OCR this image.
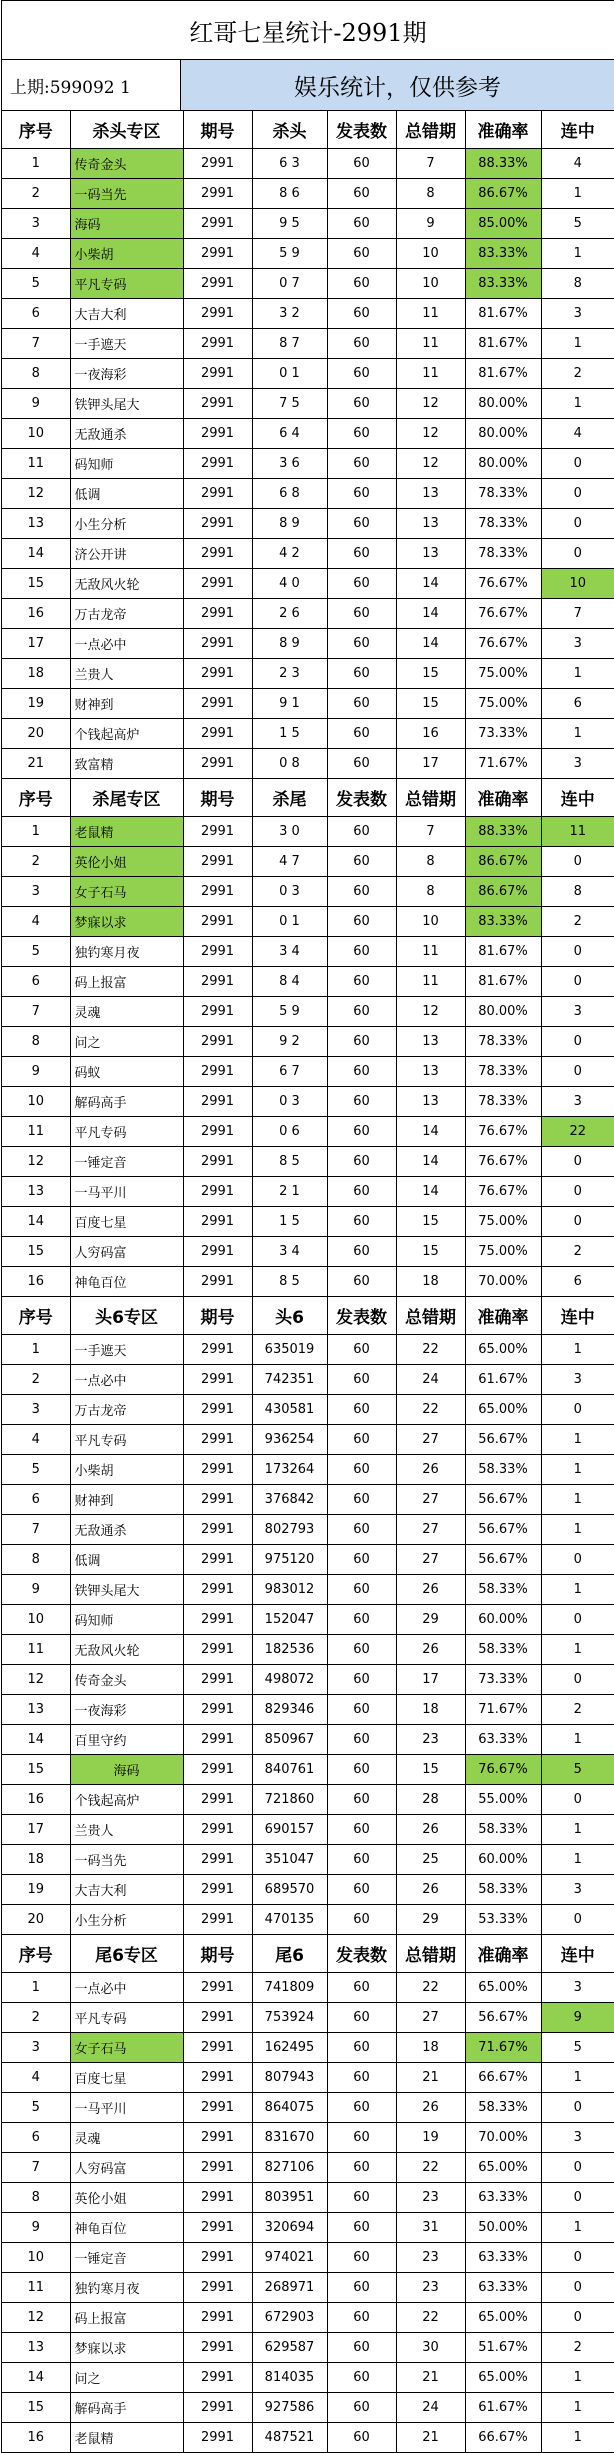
红哥七星统计-2991期
上期:599092 1	娱乐统计，仅供参考
序号	杀头专区	期号	杀头	发表数	总错期	准确率	连中
1	传奇金头	2991	6 3	60	7	88.33%	4
2	一码当先	2991	8 6	60	8	86.67%	1
3	海码	2991	9 5	60	9	85.00%	5
4	小柴胡	2991	5 9	60	10	83.33%	1
5	平凡专码	2991	0 7	60	10	83.33%	8
6	大吉大利	2991	3 2	60	11	81.67%	3
7	一手遮天	2991	8 7	60	11	81.67%	1
8	一夜海彩	2991	0 1	60	11	81.67%	2
9	铁钾头尾大	2991	7 5	60	12	80.00%	1
10	无敌通杀	2991	6 4	60	12	80.00%	4
11	码知师	2991	3 6	60	12	80.00%	0
12	低调	2991	6 8	60	13	78.33%	0
13	小生分析	2991	8 9	60	13	78.33%	0
14	济公开讲	2991	4 2	60	13	78.33%	0
15	无敌风火轮	2991	4 0	60	14	76.67%	10
16	万古龙帝	2991	2 6	60	14	76.67%	7
17	一点必中	2991	8 9	60	14	76.67%	3
18	兰贵人	2991	2 3	60	15	75.00%	1
19	财神到	2991	9 1	60	15	75.00%	6
20	个钱起高炉	2991	1 5	60	16	73.33%	1
21	致富精	2991	0 8	60	17	71.67%	3
序号	杀尾专区	期号	杀尾	发表数	总错期	准确率	连中
1	老鼠精	2991	3 0	60	7	88.33%	11
2	英伦小姐	2991	4 7	60	8	86.67%	0
3	女子石马	2991	0 3	60	8	86.67%	8
4	梦寐以求	2991	0 1	60	10	83.33%	2
5	独钓寒月夜	2991	3 4	60	11	81.67%	0
6	码上报富	2991	8 4	60	11	81.67%	0
7	灵魂	2991	5 9	60	12	80.00%	3
8	问之	2991	9 2	60	13	78.33%	0
9	码蚁	2991	6 7	60	13	78.33%	0
10	解码高手	2991	0 3	60	13	78.33%	3
11	平凡专码	2991	0 6	60	14	76.67%	22
12	一锤定音	2991	8 5	60	14	76.67%	0
13	一马平川	2991	2 1	60	14	76.67%	0
14	百度七星	2991	1 5	60	15	75.00%	0
15	人穷码富	2991	3 4	60	15	75.00%	2
16	神龟百位	2991	8 5	60	18	70.00%	6
序号	头6专区	期号	头6	发表数	总错期	准确率	连中
1	一手遮天	2991	635019	60	22	65.00%	1
2	一点必中	2991	742351	60	24	61.67%	3
3	万古龙帝	2991	430581	60	22	65.00%	0
4	平凡专码	2991	936254	60	27	56.67%	1
5	小柴胡	2991	173264	60	26	58.33%	1
6	财神到	2991	376842	60	27	56.67%	1
7	无敌通杀	2991	802793	60	27	56.67%	1
8	低调	2991	975120	60	27	56.67%	0
9	铁钾头尾大	2991	983012	60	26	58.33%	1
10	码知师	2991	152047	60	29	60.00%	0
11	无敌风火轮	2991	182536	60	26	58.33%	1
12	传奇金头	2991	498072	60	17	73.33%	0
13	一夜海彩	2991	829346	60	18	71.67%	2
14	百里守约	2991	850967	60	23	63.33%	1
15	海码	2991	840761	60	15	76.67%	5
16	个钱起高炉	2991	721860	60	28	55.00%	0
17	兰贵人	2991	690157	60	26	58.33%	1
18	一码当先	2991	351047	60	25	60.00%	1
19	大吉大利	2991	689570	60	26	58.33%	3
20	小生分析	2991	470135	60	29	53.33%	0
序号	尾6专区	期号	尾6	发表数	总错期	准确率	连中
1	一点必中	2991	741809	60	22	65.00%	3
2	平凡专码	2991	753924	60	27	56.67%	9
3	女子石马	2991	162495	60	18	71.67%	5
4	百度七星	2991	807943	60	21	66.67%	1
5	一马平川	2991	864075	60	26	58.33%	0
6	灵魂	2991	831670	60	19	70.00%	3
7	人穷码富	2991	827106	60	22	65.00%	0
8	英伦小姐	2991	803951	60	23	63.33%	0
9	神龟百位	2991	320694	60	31	50.00%	1
10	一锤定音	2991	974021	60	23	63.33%	0
11	独钓寒月夜	2991	268971	60	23	63.33%	0
12	码上报富	2991	672903	60	22	65.00%	0
13	梦寐以求	2991	629587	60	30	51.67%	2
14	问之	2991	814035	60	21	65.00%	1
15	解码高手	2991	927586	60	24	61.67%	1
16	老鼠精	2991	487521	60	21	66.67%	1
